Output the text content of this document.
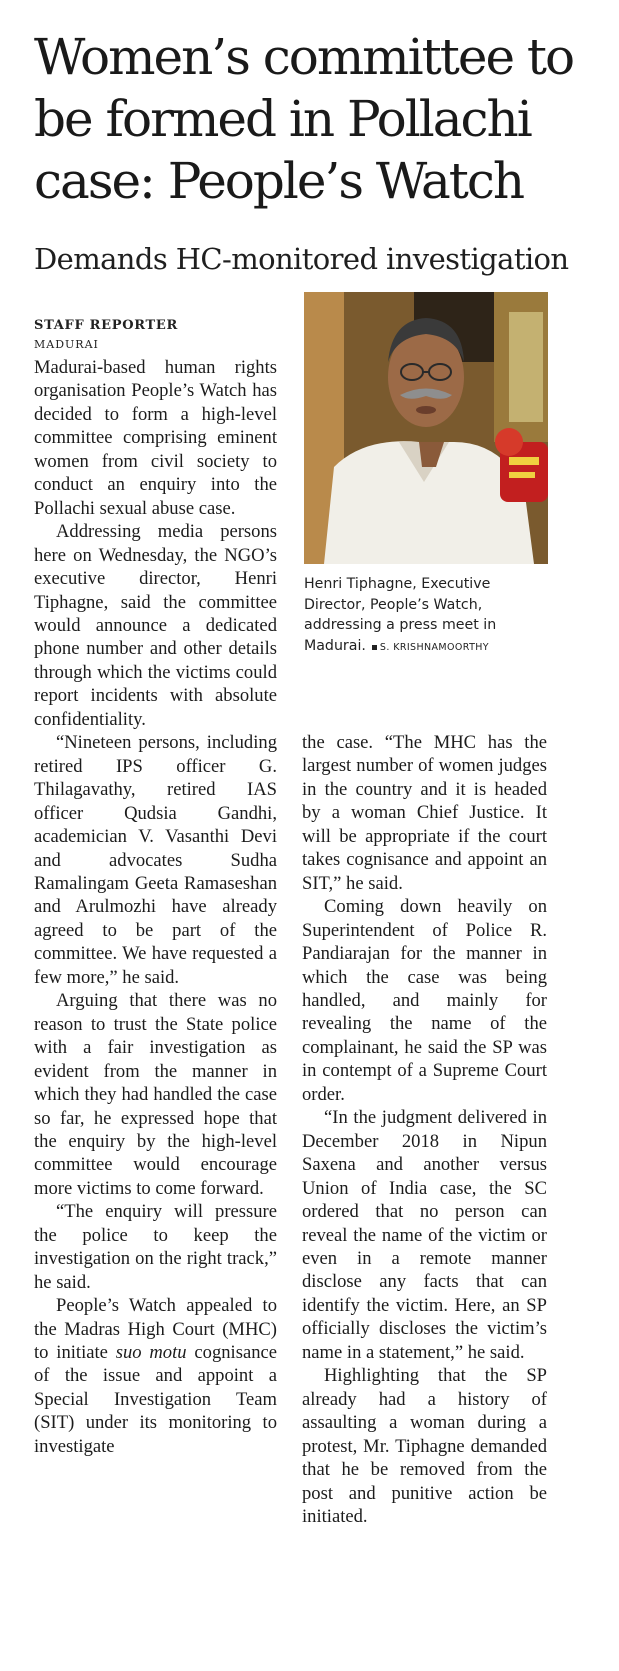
Women’s committee to
be formed in Pollachi
case: People’s Watch
Demands HC-monitored investigation
STAFF REPORTER
MADURAI

Madurai-based human rights organisation People’s Watch has decided to form a high-level committee comprising eminent women from civil society to conduct an enquiry into the Pollachi sexual abuse case.

Addressing media persons here on Wednesday, the NGO’s executive director, Henri Tiphagne, said the committee would announce a dedicated phone number and other details through which the victims could report incidents with absolute confidentiality.

“Nineteen persons, including retired IPS officer G. Thilagavathy, retired IAS officer Qudsia Gandhi, academician V. Vasanthi Devi and advocates Sudha Ramalingam Geeta Ramaseshan and Arulmozhi have already agreed to be part of the committee. We have requested a few more,” he said.

Arguing that there was no reason to trust the State police with a fair investigation as evident from the manner in which they had handled the case so far, he expressed hope that the enquiry by the high-level committee would encourage more victims to come forward.

“The enquiry will pressure the police to keep the investigation on the right track,” he said.

People’s Watch appealed to the Madras High Court (MHC) to initiate suo motu cognisance of the issue and appoint a Special Investigation Team (SIT) under its monitoring to investigate

Henri Tiphagne, Executive Director, People’s Watch, addressing a press meet in Madurai. S. KRISHNAMOORTHY

the case. “The MHC has the largest number of women judges in the country and it is headed by a woman Chief Justice. It will be appropriate if the court takes cognisance and appoint an SIT,” he said.

Coming down heavily on Superintendent of Police R. Pandiarajan for the manner in which the case was being handled, and mainly for revealing the name of the complainant, he said the SP was in contempt of a Supreme Court order.

“In the judgment delivered in December 2018 in Nipun Saxena and another versus Union of India case, the SC ordered that no person can reveal the name of the victim or even in a remote manner disclose any facts that can identify the victim. Here, an SP officially discloses the victim’s name in a statement,” he said.

Highlighting that the SP already had a history of assaulting a woman during a protest, Mr. Tiphagne demanded that he be removed from the post and punitive action be initiated.
